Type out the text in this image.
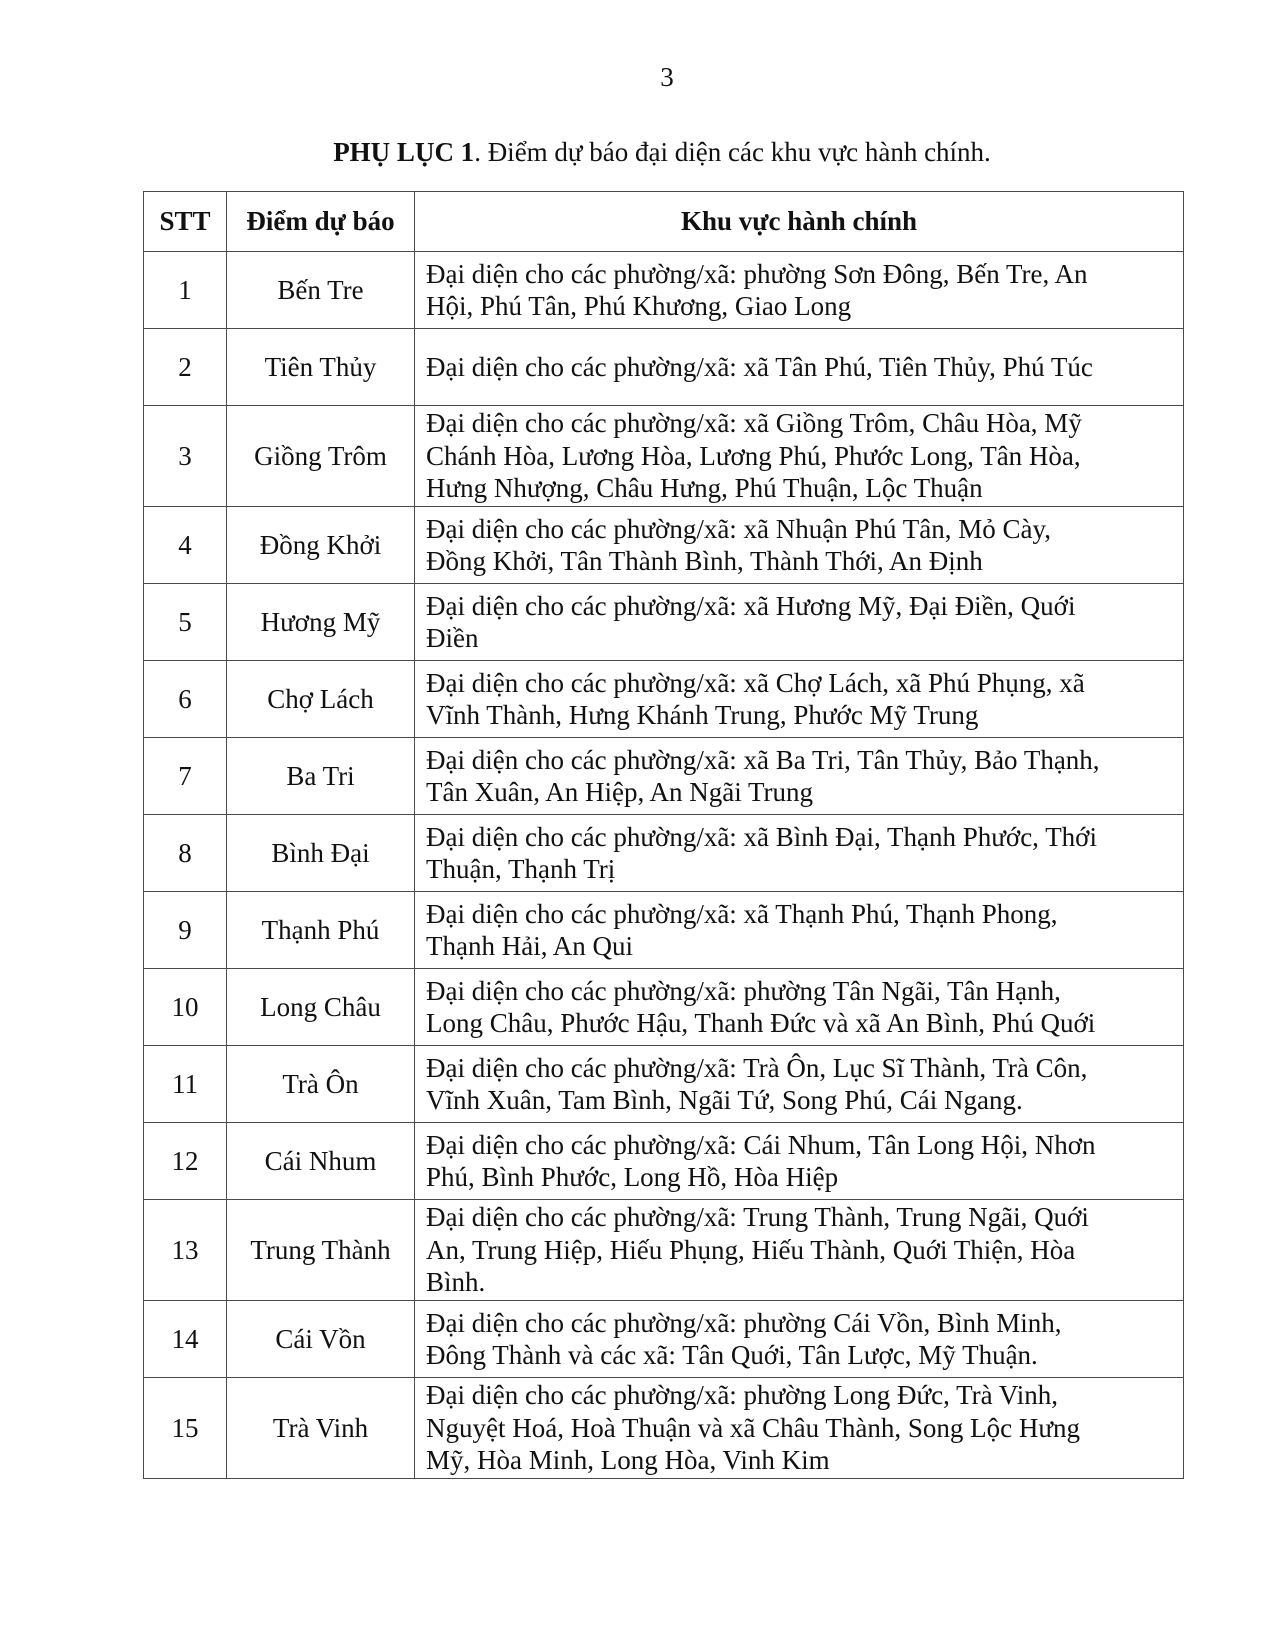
3
PHỤ LỤC 1. Điểm dự báo đại diện các khu vực hành chính.
STT	Điểm dự báo	Khu vực hành chính
1	Bến Tre	Đại diện cho các phường/xã: phường Sơn Đông, Bến Tre, An
Hội, Phú Tân, Phú Khương, Giao Long
2	Tiên Thủy	Đại diện cho các phường/xã: xã Tân Phú, Tiên Thủy, Phú Túc
3	Giồng Trôm	Đại diện cho các phường/xã: xã Giồng Trôm, Châu Hòa, Mỹ
Chánh Hòa, Lương Hòa, Lương Phú, Phước Long, Tân Hòa,
Hưng Nhượng, Châu Hưng, Phú Thuận, Lộc Thuận
4	Đồng Khởi	Đại diện cho các phường/xã: xã Nhuận Phú Tân, Mỏ Cày,
Đồng Khởi, Tân Thành Bình, Thành Thới, An Định
5	Hương Mỹ	Đại diện cho các phường/xã: xã Hương Mỹ, Đại Điền, Quới
Điền
6	Chợ Lách	Đại diện cho các phường/xã: xã Chợ Lách, xã Phú Phụng, xã
Vĩnh Thành, Hưng Khánh Trung, Phước Mỹ Trung
7	Ba Tri	Đại diện cho các phường/xã: xã Ba Tri, Tân Thủy, Bảo Thạnh,
Tân Xuân, An Hiệp, An Ngãi Trung
8	Bình Đại	Đại diện cho các phường/xã: xã Bình Đại, Thạnh Phước, Thới
Thuận, Thạnh Trị
9	Thạnh Phú	Đại diện cho các phường/xã: xã Thạnh Phú, Thạnh Phong,
Thạnh Hải, An Qui
10	Long Châu	Đại diện cho các phường/xã: phường Tân Ngãi, Tân Hạnh,
Long Châu, Phước Hậu, Thanh Đức và xã An Bình, Phú Quới
11	Trà Ôn	Đại diện cho các phường/xã: Trà Ôn, Lục Sĩ Thành, Trà Côn,
Vĩnh Xuân, Tam Bình, Ngãi Tứ, Song Phú, Cái Ngang.
12	Cái Nhum	Đại diện cho các phường/xã: Cái Nhum, Tân Long Hội, Nhơn
Phú, Bình Phước, Long Hồ, Hòa Hiệp
13	Trung Thành	Đại diện cho các phường/xã: Trung Thành, Trung Ngãi, Quới
An, Trung Hiệp, Hiếu Phụng, Hiếu Thành, Quới Thiện, Hòa
Bình.
14	Cái Vồn	Đại diện cho các phường/xã: phường Cái Vồn, Bình Minh,
Đông Thành và các xã: Tân Quới, Tân Lược, Mỹ Thuận.
15	Trà Vinh	Đại diện cho các phường/xã: phường Long Đức, Trà Vinh,
Nguyệt Hoá, Hoà Thuận và xã Châu Thành, Song Lộc Hưng
Mỹ, Hòa Minh, Long Hòa, Vinh Kim
